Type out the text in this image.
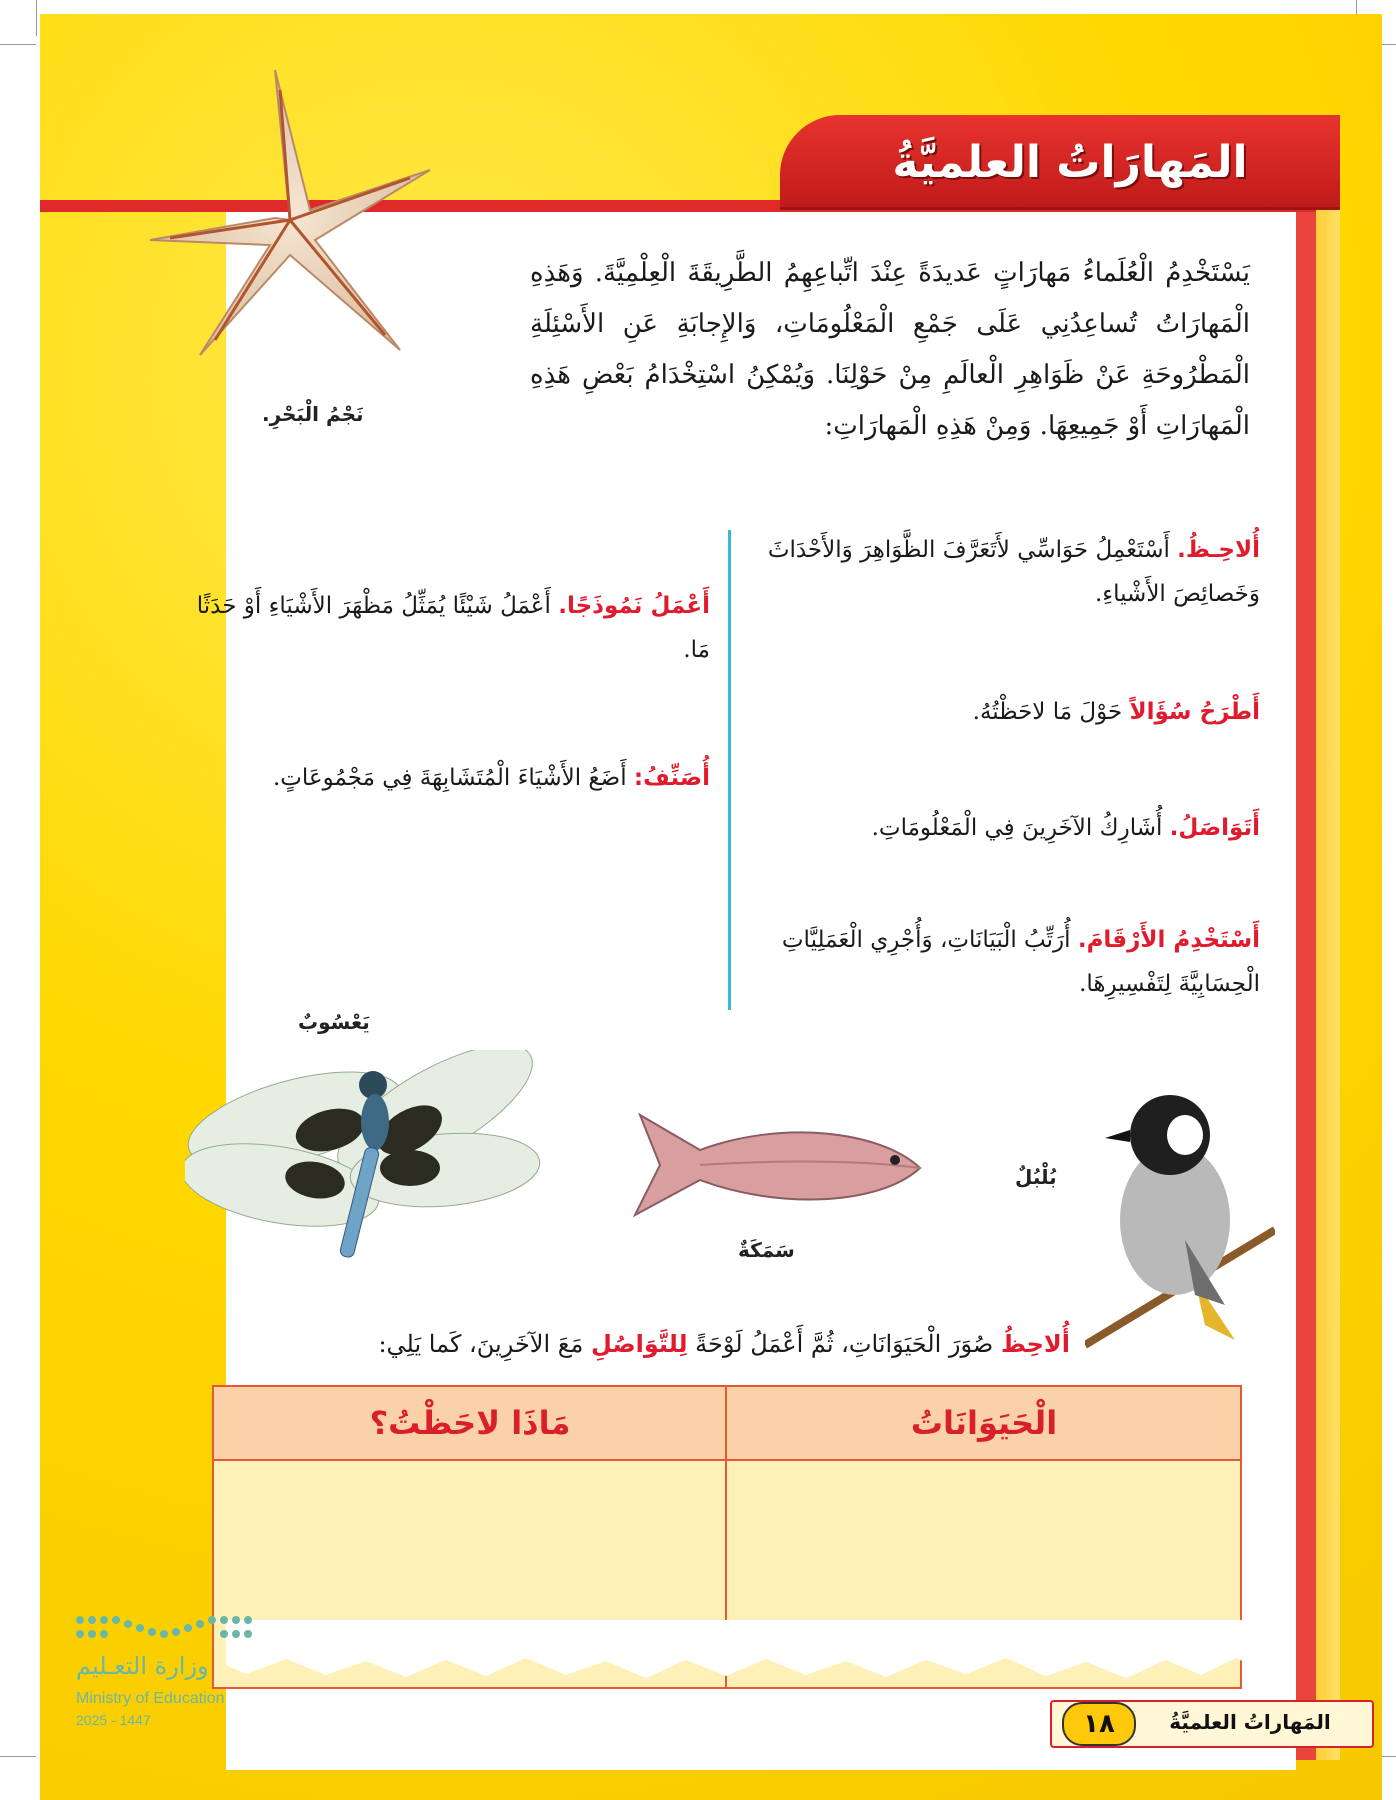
المَهارَاتُ العلميَّةُ
نَجْمُ الْبَحْرِ.
يَسْتَخْدِمُ الْعُلَماءُ مَهارَاتٍ عَديدَةً عِنْدَ اتِّباعِهِمُ الطَّرِيقَةَ الْعِلْمِيَّةَ. وَهَذِهِ الْمَهارَاتُ تُساعِدُنِي عَلَى جَمْعِ الْمَعْلُومَاتِ، وَالإِجابَةِ عَنِ الأَسْئِلَةِ الْمَطْرُوحَةِ عَنْ ظَوَاهِرِ الْعالَمِ مِنْ حَوْلِنَا. وَيُمْكِنُ اسْتِخْدَامُ بَعْضِ هَذِهِ الْمَهارَاتِ أَوْ جَمِيعِهَا. وَمِنْ هَذِهِ الْمَهارَاتِ:
أُلاحِـظُ. أَسْتَعْمِلُ حَوَاسِّي لأَتَعَرَّفَ الظَّوَاهِرَ وَالأَحْدَاثَ وَخَصائِصَ الأَشْياءِ.
أَطْرَحُ سُؤَالاً حَوْلَ مَا لاحَظْتُهُ.
أَتَوَاصَلُ. أُشَارِكُ الآخَرِينَ فِي الْمَعْلُومَاتِ.
أَسْتَخْدِمُ الأَرْقَامَ. أُرَتِّبُ الْبَيَانَاتِ، وَأُجْرِي الْعَمَلِيَّاتِ الْحِسَابِيَّةَ لِتَفْسِيرِهَا.
أَعْمَلُ نَمُوذَجًا. أَعْمَلُ شَيْئًا يُمَثِّلُ مَظْهَرَ الأَشْيَاءِ أَوْ حَدَثًا مَا.
أُصَنِّفُ: أَضَعُ الأَشْيَاءَ الْمُتَشَابِهَةَ فِي مَجْمُوعَاتٍ.
يَعْسُوبٌ
سَمَكَةٌ
بُلْبُلٌ
أُلاحِظُ صُوَرَ الْحَيَوَانَاتِ، ثُمَّ أَعْمَلُ لَوْحَةً لِلتَّوَاصُلِ مَعَ الآخَرِينَ، كَما يَلِي:
الْحَيَوَانَاتُ
مَاذَا لاحَظْتُ؟
١٨	المَهاراتُ العلميَّةُ
وزارة التعـليم
Ministry of Education
2025 - 1447
